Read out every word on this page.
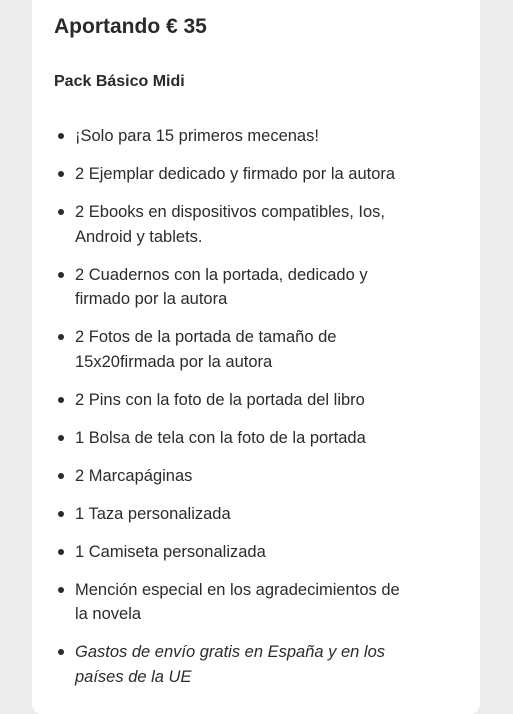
Aportando € 35
Pack Básico Midi
¡Solo para 15 primeros mecenas!
2 Ejemplar dedicado y firmado por la autora
2 Ebooks en dispositivos compatibles, Ios, Android y tablets.
2 Cuadernos con la portada, dedicado y firmado por la autora
2 Fotos de la portada de tamaño de 15x20firmada por la autora
2 Pins con la foto de la portada del libro
1 Bolsa de tela con la foto de la portada
2 Marcapáginas
1 Taza personalizada
1 Camiseta personalizada
Mención especial en los agradecimientos de la novela
Gastos de envío gratis en España y en los países de la UE
